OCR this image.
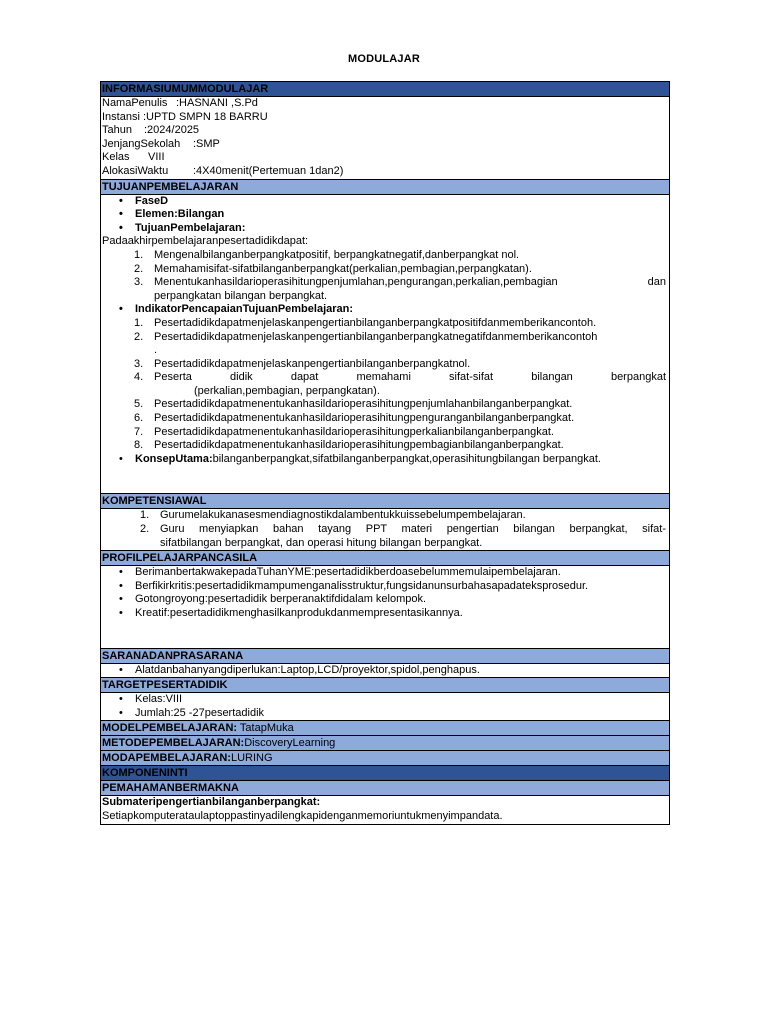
MODULAJAR
INFORMASIUMUMMODULAJAR
NamaPenulis :HASNANI ,S.Pd
Instansi :UPTD SMPN 18 BARRU
Tahun :2024/2025
JenjangSekolah :SMP
Kelas VIII
AlokasiWaktu :4X40menit(Pertemuan 1dan2)
TUJUANPEMBELAJARAN
• FaseD
• Elemen:Bilangan
• TujuanPembelajaran:
Padaakhirpembelajaranpesertadidikdapat:
1. Mengenalbilanganberpangkatpositif, berpangkatnegatif,danberpangkat nol.
2. Memahamisifat-sifatbilanganberpangkat(perkalian,pembagian,perpangkatan).
3. Menentukanhasildarioperasihitungpenjumlahan,pengurangan,perkalian,pembagian dan
perpangkatan bilangan berpangkat.
• IndikatorPencapaianTujuanPembelajaran:
1. Pesertadidikdapatmenjelaskanpengertianbilanganberpangkatpositifdanmemberikancontoh.
2. Pesertadidikdapatmenjelaskanpengertianbilanganberpangkatnegatifdanmemberikancontoh
.
3. Pesertadidikdapatmenjelaskanpengertianbilanganberpangkatnol.
4. Peserta didik dapat memahami sifat-sifat bilangan berpangkat
(perkalian,pembagian, perpangkatan).
5. Pesertadidikdapatmenentukanhasildarioperasihitungpenjumlahanbilanganberpangkat.
6. Pesertadidikdapatmenentukanhasildarioperasihitungpenguranganbilanganberpangkat.
7. Pesertadidikdapatmenentukanhasildarioperasihitungperkalianbilanganberpangkat.
8. Pesertadidikdapatmenentukanhasildarioperasihitungpembagianbilanganberpangkat.
• KonsepUtama:bilanganberpangkat,sifatbilanganberpangkat,operasihitungbilangan berpangkat.
KOMPETENSIAWAL
1. Gurumelakukanasesmendiagnostikdalambentukkuissebelumpembelajaran.
2. Guru menyiapkan bahan tayang PPT materi pengertian bilangan berpangkat, sifat-
sifatbilangan berpangkat, dan operasi hitung bilangan berpangkat.
PROFILPELAJARPANCASILA
• BerimanbertakwakepadaTuhanYME:pesertadidikberdoasebelummemulaipembelajaran.
• Berfikirkritis:pesertadidikmampumenganalisstruktur,fungsidanunsurbahasapadateksprosedur.
• Gotongroyong:pesertadidik berperanaktifdidalam kelompok.
• Kreatif:pesertadidikmenghasilkanprodukdanmempresentasikannya.
SARANADANPRASARANA
• Alatdanbahanyangdiperlukan:Laptop,LCD/proyektor,spidol,penghapus.
TARGETPESERTADIDIK
• Kelas:VIII
• Jumlah:25 -27pesertadidik
MODELPEMBELAJARAN: TatapMuka
METODEPEMBELAJARAN:DiscoveryLearning
MODAPEMBELAJARAN:LURING
KOMPONENINTI
PEMAHAMANBERMAKNA
Submateripengertianbilanganberpangkat:
Setiapkomputerataulaptoppastinyadilengkapidenganmemoriuntukmenyimpandata.
